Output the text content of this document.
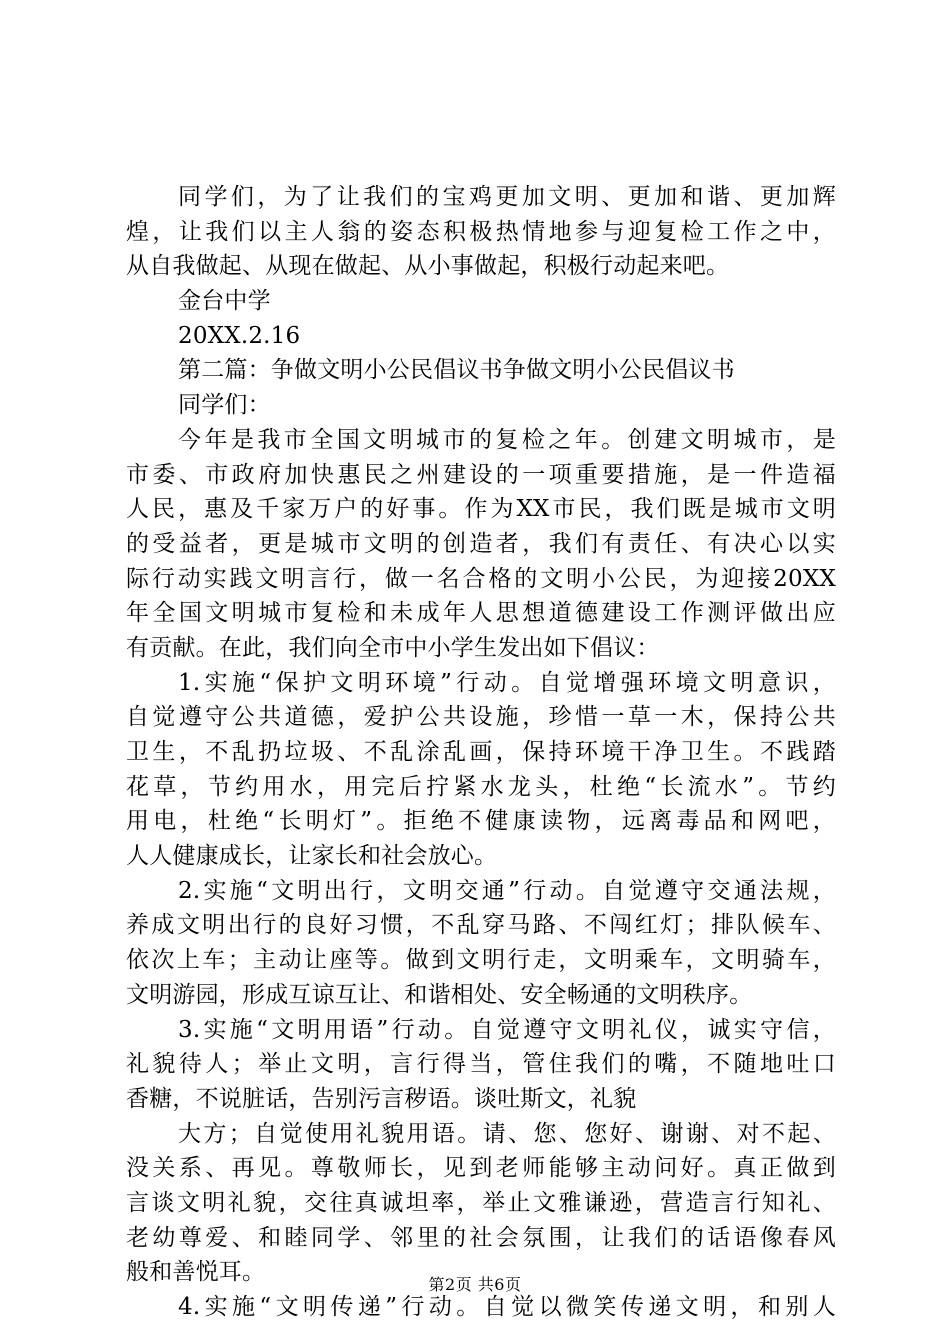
同学们，为了让我们的宝鸡更加文明、更加和谐、更加辉
煌，让我们以主人翁的姿态积极热情地参与迎复检工作之中，
从自我做起、从现在做起、从小事做起，积极行动起来吧。
金台中学
20XX.2.16
第二篇：争做文明小公民倡议书争做文明小公民倡议书
同学们：
今年是我市全国文明城市的复检之年。创建文明城市，是
市委、市政府加快惠民之州建设的一项重要措施，是一件造福
人民，惠及千家万户的好事。作为XX市民，我们既是城市文明
的受益者，更是城市文明的创造者，我们有责任、有决心以实
际行动实践文明言行，做一名合格的文明小公民，为迎接20XX
年全国文明城市复检和未成年人思想道德建设工作测评做出应
有贡献。在此，我们向全市中小学生发出如下倡议：
1.实施“保护文明环境”行动。自觉增强环境文明意识，
自觉遵守公共道德，爱护公共设施，珍惜一草一木，保持公共
卫生，不乱扔垃圾、不乱涂乱画，保持环境干净卫生。不践踏
花草，节约用水，用完后拧紧水龙头，杜绝“长流水”。节约
用电，杜绝“长明灯”。拒绝不健康读物，远离毒品和网吧，
人人健康成长，让家长和社会放心。
2.实施“文明出行，文明交通”行动。自觉遵守交通法规，
养成文明出行的良好习惯，不乱穿马路、不闯红灯；排队候车、
依次上车；主动让座等。做到文明行走，文明乘车，文明骑车，
文明游园，形成互谅互让、和谐相处、安全畅通的文明秩序。
3.实施“文明用语”行动。自觉遵守文明礼仪，诚实守信，
礼貌待人；举止文明，言行得当，管住我们的嘴，不随地吐口
香糖，不说脏话，告别污言秽语。谈吐斯文，礼貌
大方；自觉使用礼貌用语。请、您、您好、谢谢、对不起、
没关系、再见。尊敬师长，见到老师能够主动问好。真正做到
言谈文明礼貌，交往真诚坦率，举止文雅谦逊，营造言行知礼、
老幼尊爱、和睦同学、邻里的社会氛围，让我们的话语像春风
般和善悦耳。
4.实施“文明传递”行动。自觉以微笑传递文明，和别人
第2页 共6页
